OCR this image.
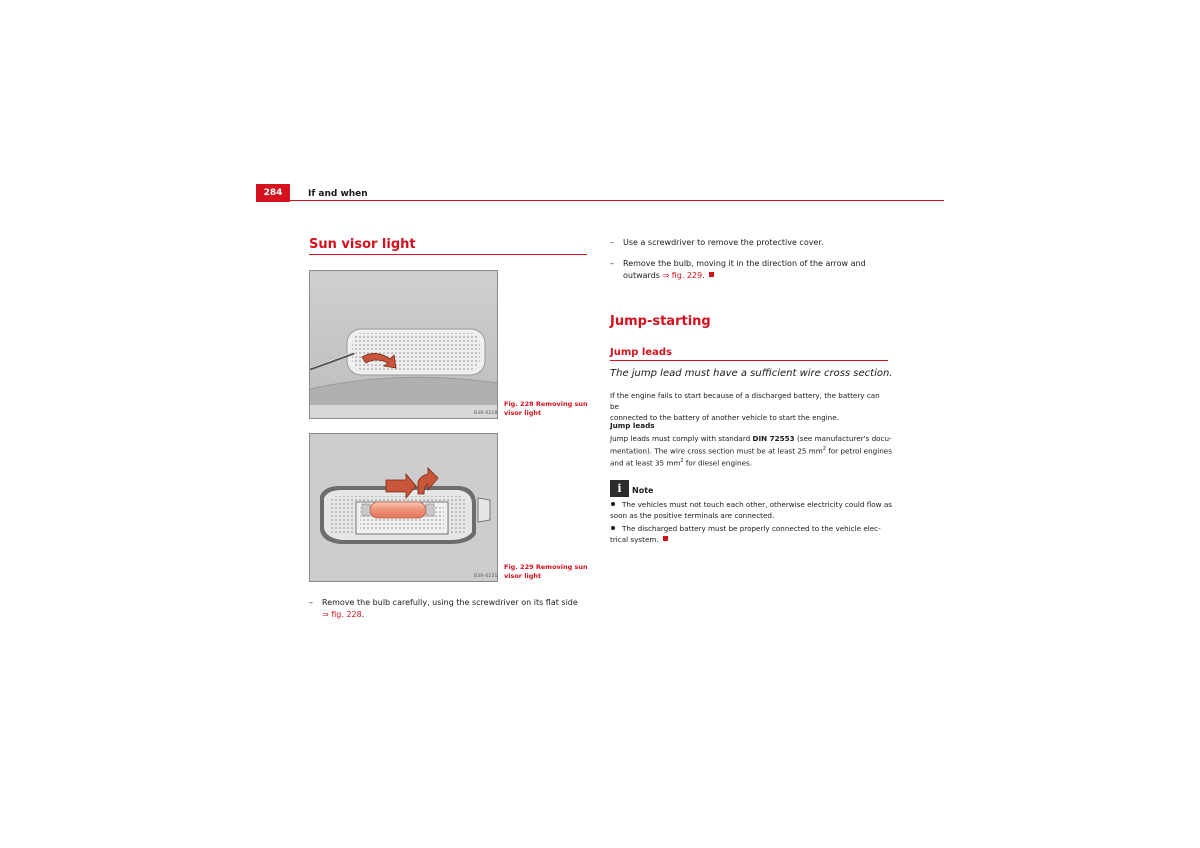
284	If and when
Sun visor light
B3R-0218
Fig. 228 Removing sun
visor light
B3R-0221
Fig. 229 Removing sun
visor light
– Remove the bulb carefully, using the screwdriver on its flat side
⇒ fig. 228.
– Use a screwdriver to remove the protective cover.
– Remove the bulb, moving it in the direction of the arrow and
outwards ⇒ fig. 229.
Jump-starting
Jump leads
The jump lead must have a sufficient wire cross section.
If the engine fails to start because of a discharged battery, the battery can be
connected to the battery of another vehicle to start the engine.
Jump leads
Jump leads must comply with standard DIN 72553 (see manufacturer's docu-
mentation). The wire cross section must be at least 25 $mm^2$ for petrol engines
and at least 35 $mm^2$ for diesel engines.
i	Note
The vehicles must not touch each other, otherwise electricity could flow as
soon as the positive terminals are connected.
The discharged battery must be properly connected to the vehicle elec-
trical system.
